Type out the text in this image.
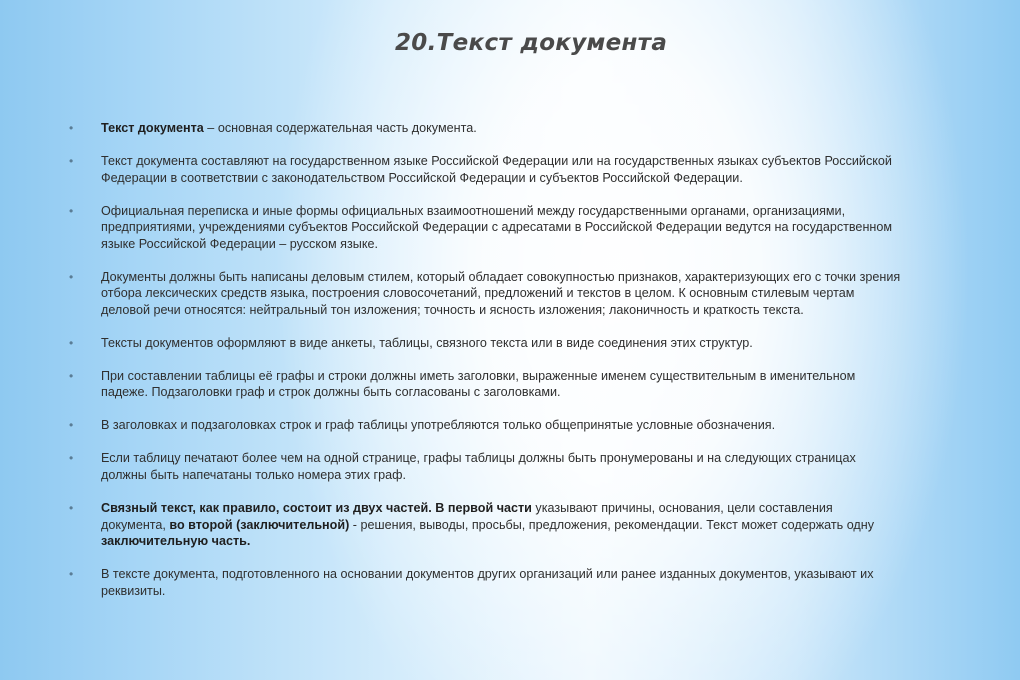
20.Текст документа
• Текст документа – основная содержательная часть документа.
• Текст документа составляют на государственном языке Российской Федерации или на государственных языках субъектов Российской Федерации в соответствии с законодательством Российской Федерации и субъектов Российской Федерации.
• Официальная переписка и иные формы официальных взаимоотношений между государственными органами, организациями, предприятиями, учреждениями субъектов Российской Федерации с адресатами в Российской Федерации ведутся на государственном языке Российской Федерации – русском языке.
• Документы должны быть написаны деловым стилем, который обладает совокупностью признаков, характеризующих его с точки зрения отбора лексических средств языка, построения словосочетаний, предложений и текстов в целом. К основным стилевым чертам деловой речи относятся: нейтральный тон изложения; точность и ясность изложения; лаконичность и краткость текста.
• Тексты документов оформляют в виде анкеты, таблицы, связного текста или в виде соединения этих структур.
• При составлении таблицы её графы и строки должны иметь заголовки, выраженные именем существительным в именительном падеже. Подзаголовки граф и строк должны быть согласованы с заголовками.
• В заголовках и подзаголовках строк и граф таблицы употребляются только общепринятые условные обозначения.
• Если таблицу печатают более чем на одной странице, графы таблицы должны быть пронумерованы и на следующих страницах должны быть напечатаны только номера этих граф.
• Связный текст, как правило, состоит из двух частей. В первой части указывают причины, основания, цели составления документа, во второй (заключительной) - решения, выводы, просьбы, предложения, рекомендации. Текст может содержать одну заключительную часть.
• В тексте документа, подготовленного на основании документов других организаций или ранее изданных документов, указывают их реквизиты.
